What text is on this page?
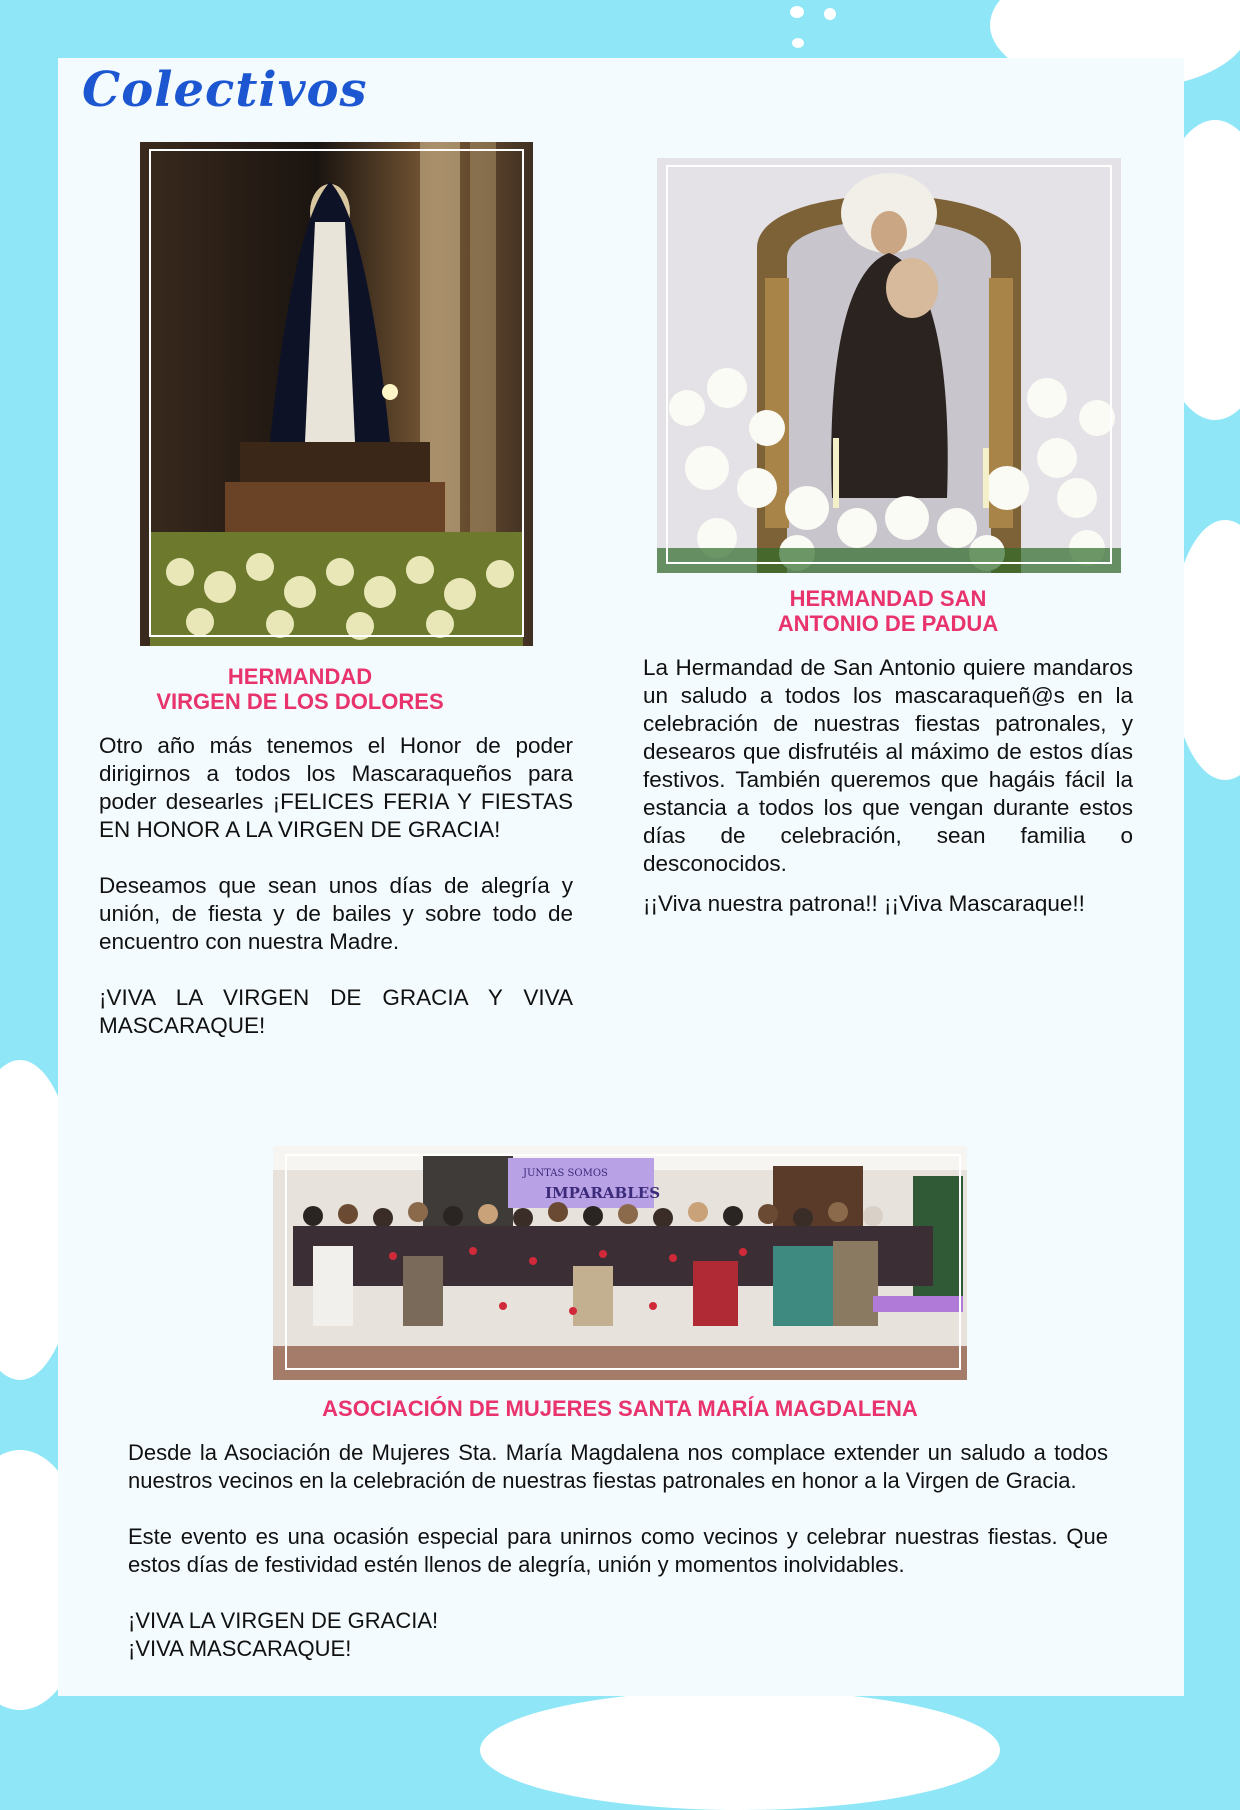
Colectivos
HERMANDAD
VIRGEN DE LOS DOLORES

Otro año más tenemos el Honor de poder dirigirnos a todos los Mascaraqueños para poder desearles ¡FELICES FERIA Y FIESTAS EN HONOR A LA VIRGEN DE GRACIA!

Deseamos que sean unos días de alegría y unión, de fiesta y de bailes y sobre todo de encuentro con nuestra Madre.

¡VIVA LA VIRGEN DE GRACIA Y VIVA MASCARAQUE!

HERMANDAD SAN
ANTONIO DE PADUA

La Hermandad de San Antonio quiere mandaros un saludo a todos los mascaraqueñ@s en la celebración de nuestras fiestas patronales, y desearos que disfrutéis al máximo de estos días festivos. También queremos que hagáis fácil la estancia a todos los que vengan durante estos días de celebración, sean familia o desconocidos.

¡¡Viva nuestra patrona!! ¡¡Viva Mascaraque!!

JUNTAS SOMOS
IMPARABLES
ASOCIACIÓN DE MUJERES SANTA MARÍA MAGDALENA

Desde la Asociación de Mujeres Sta. María Magdalena nos complace extender un saludo a todos nuestros vecinos en la celebración de nuestras fiestas patronales en honor a la Virgen de Gracia.

Este evento es una ocasión especial para unirnos como vecinos y celebrar nuestras fiestas. Que estos días de festividad estén llenos de alegría, unión y momentos inolvidables.

¡VIVA LA VIRGEN DE GRACIA!
¡VIVA MASCARAQUE!
